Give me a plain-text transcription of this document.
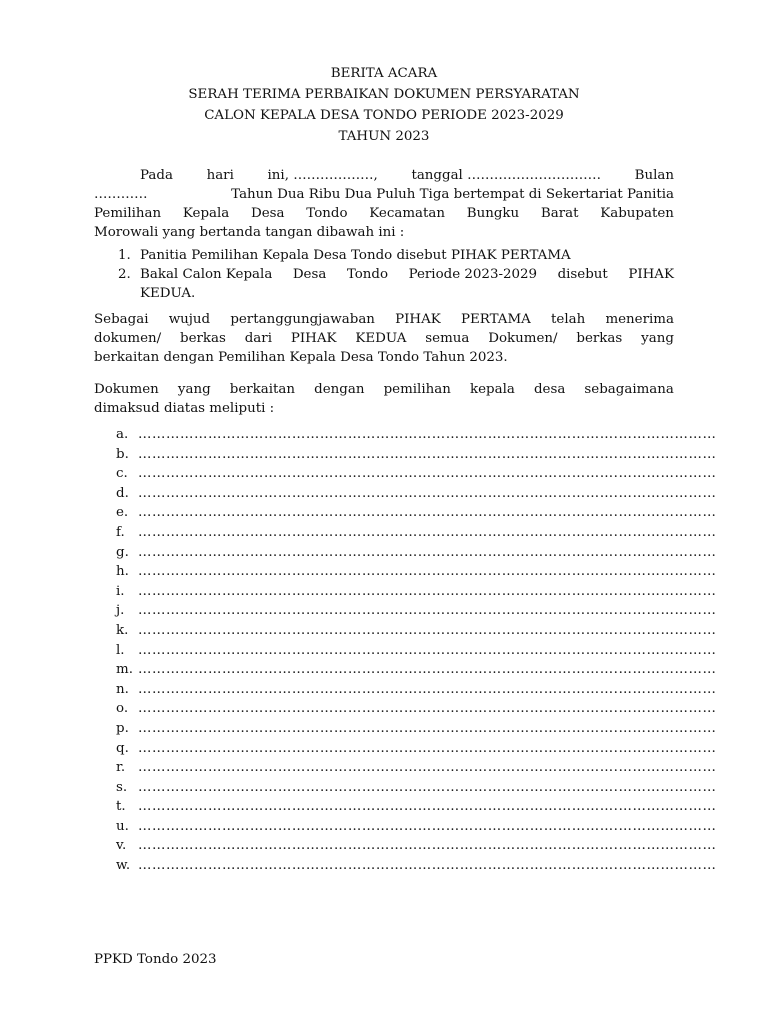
BERITA ACARA
SERAH TERIMA PERBAIKAN DOKUMEN PERSYARATAN
CALON KEPALA DESA TONDO PERIODE 2023-2029
TAHUN 2023
Pada	hari	ini, ………………,	tanggal …………………………	Bulan
…………	Tahun Dua Ribu Dua Puluh Tiga bertempat di Sekertariat Panitia
Pemilihan Kepala Desa Tondo Kecamatan Bungku Barat Kabupaten
Morowali yang bertanda tangan dibawah ini :
1. Panitia Pemilihan Kepala Desa Tondo disebut PIHAK PERTAMA
2. Bakal Calon Kepala Desa Tondo Periode 2023-2029 disebut PIHAK
KEDUA.
Sebagai wujud pertanggungjawaban PIHAK PERTAMA telah menerima
dokumen/ berkas dari PIHAK KEDUA semua Dokumen/ berkas yang
berkaitan dengan Pemilihan Kepala Desa Tondo Tahun 2023.
Dokumen yang berkaitan dengan pemilihan kepala desa sebagaimana
dimaksud diatas meliputi :
a. ………………………………………………………………………………………….…………………
b. ………………………………………………………………………………………….…………………
c. ………………………………………………………………………………………….…………………
d. ………………………………………………………………………………………….…………………
e. ………………………………………………………………………………………….…………………
f. ………………………………………………………………………………………….…………………
g. ………………………………………………………………………………………….…………………
h. ………………………………………………………………………………………….…………………
i. ………………………………………………………………………………………….…………………
j. ………………………………………………………………………………………….…………………
k. ………………………………………………………………………………………….…………………
l. ………………………………………………………………………………………….…………………
m. ………………………………………………………………………………………….…………………
n. ………………………………………………………………………………………….…………………
o. ………………………………………………………………………………………….…………………
p. ………………………………………………………………………………………….…………………
q. ………………………………………………………………………………………….…………………
r. ………………………………………………………………………………………….…………………
s. ………………………………………………………………………………………….…………………
t. ………………………………………………………………………………………….…………………
u. ………………………………………………………………………………………….…………………
v. ………………………………………………………………………………………….…………………
w. ………………………………………………………………………………………….…………………
PPKD Tondo 2023
